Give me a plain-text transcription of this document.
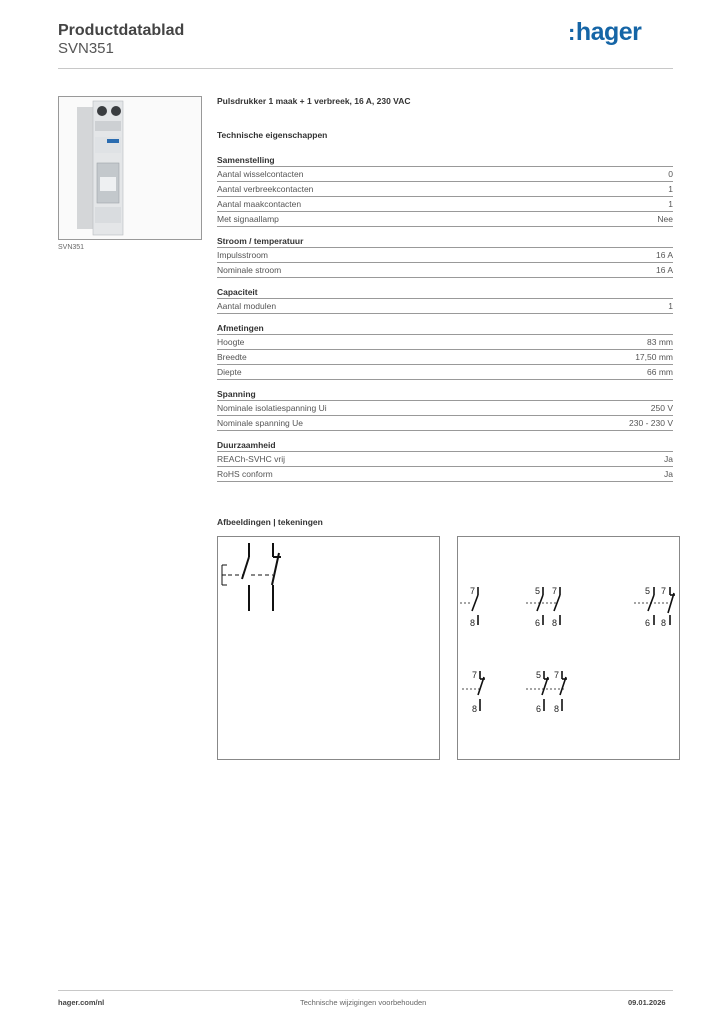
Productdatablad
SVN351
:hager
SVN351
Pulsdrukker 1 maak + 1 verbreek, 16 A, 230 VAC
Technische eigenschappen
Samenstelling
Aantal wisselcontacten	0
Aantal verbreekcontacten	1
Aantal maakcontacten	1
Met signaallamp	Nee
Stroom / temperatuur
Impulsstroom	16 A
Nominale stroom	16 A
Capaciteit
Aantal modulen	1
Afmetingen
Hoogte	83 mm
Breedte	17,50 mm
Diepte	66 mm
Spanning
Nominale isolatiespanning Ui	250 V
Nominale spanning Ue	230 - 230 V
Duurzaamheid
REACh-SVHC vrij	Ja
RoHS conform	Ja
Afbeeldingen | tekeningen
7
8
5 7
6 8
5 7
6 8
7
8
5 7
6 8
hager.com/nl	Technische wijzigingen voorbehouden	09.01.2026
